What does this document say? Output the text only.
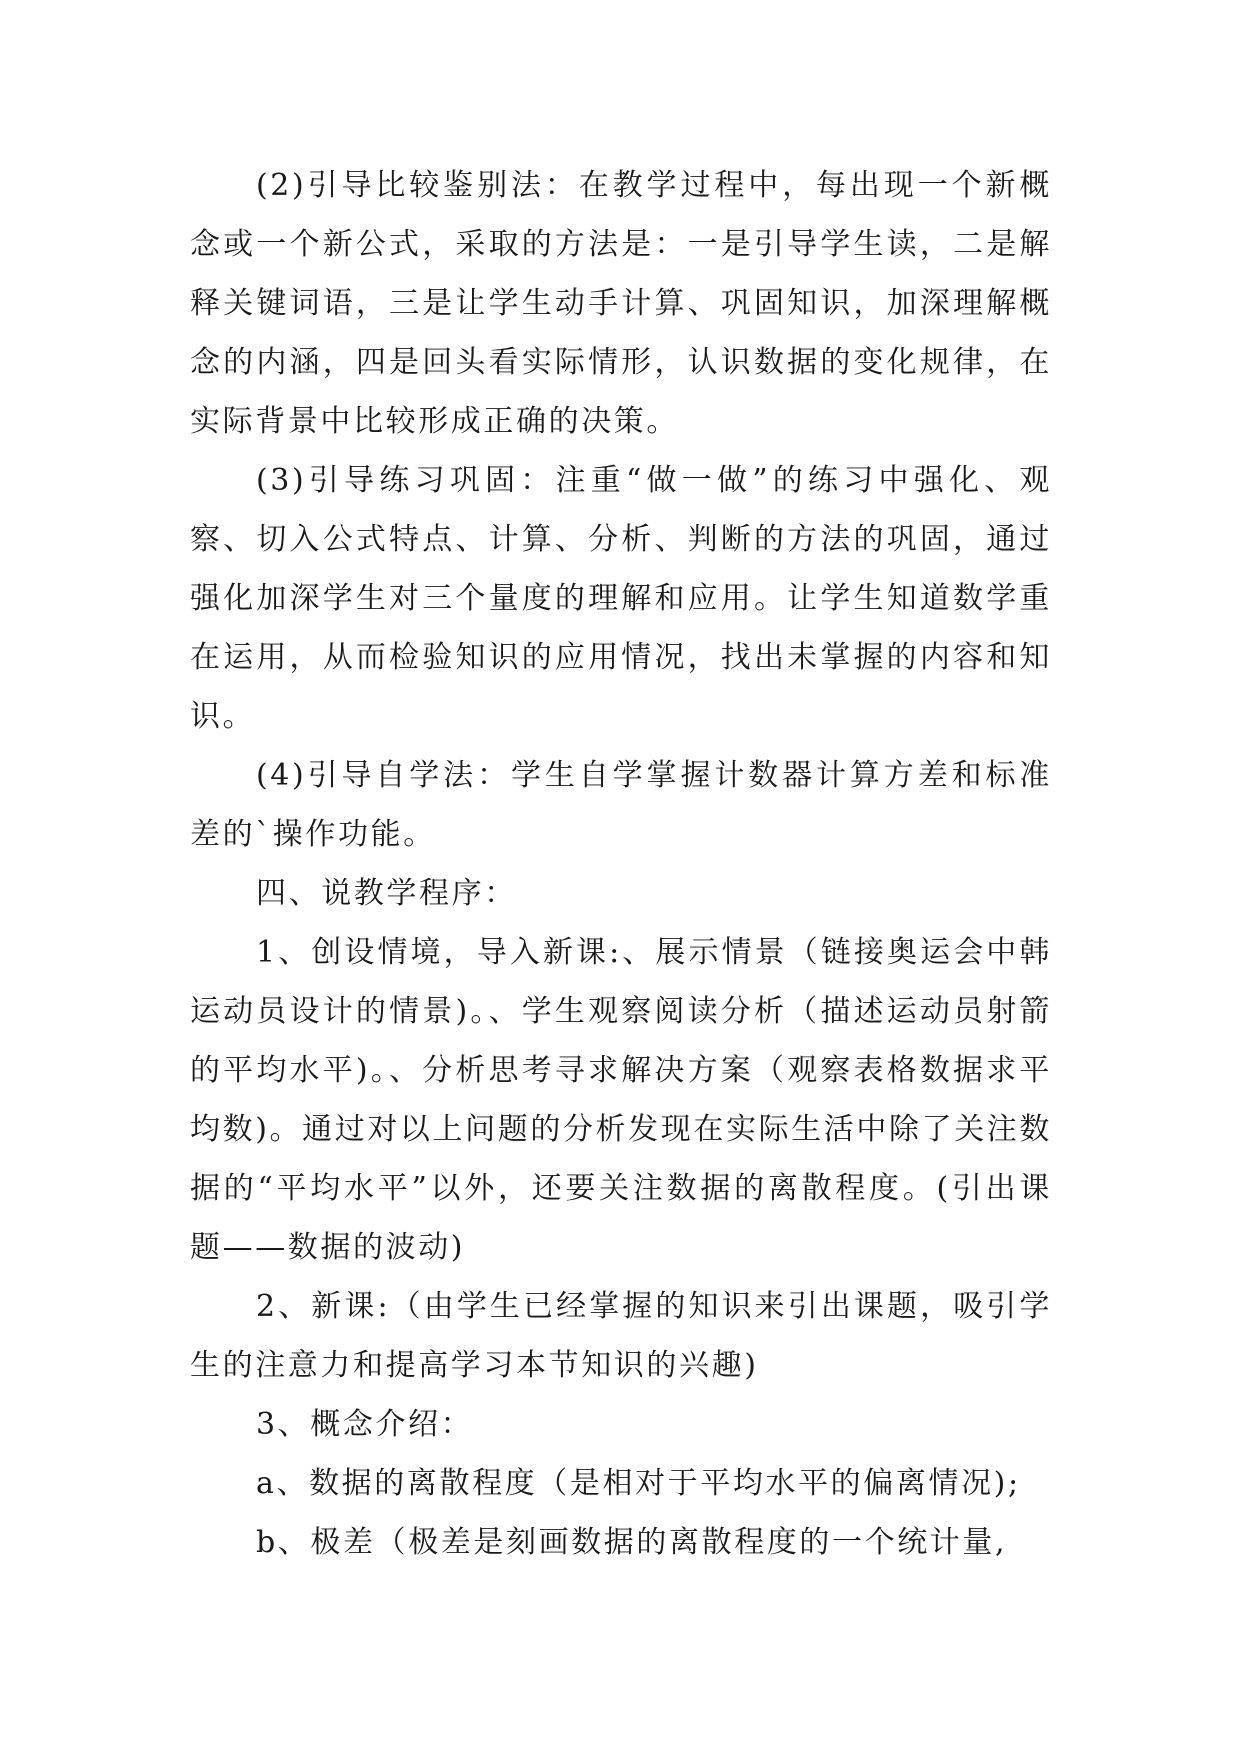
(2)引导比较鉴别法：在教学过程中，每出现一个新概念或一个新公式，采取的方法是：一是引导学生读，二是解释关键词语，三是让学生动手计算、巩固知识，加深理解概念的内涵，四是回头看实际情形，认识数据的变化规律，在实际背景中比较形成正确的决策。

(3)引导练习巩固：注重“做一做”的练习中强化、观察、切入公式特点、计算、分析、判断的方法的巩固，通过强化加深学生对三个量度的理解和应用。让学生知道数学重在运用，从而检验知识的应用情况，找出未掌握的内容和知识。

(4)引导自学法：学生自学掌握计数器计算方差和标准差的`操作功能。

四、说教学程序：

1、创设情境，导入新课:、展示情景（链接奥运会中韩运动员设计的情景)。、学生观察阅读分析（描述运动员射箭的平均水平)。、分析思考寻求解决方案（观察表格数据求平均数)。通过对以上问题的分析发现在实际生活中除了关注数据的“平均水平”以外，还要关注数据的离散程度。(引出课题——数据的波动)

2、新课:（由学生已经掌握的知识来引出课题，吸引学生的注意力和提高学习本节知识的兴趣)

3、概念介绍：

a、数据的离散程度（是相对于平均水平的偏离情况);

b、极差（极差是刻画数据的离散程度的一个统计量,
